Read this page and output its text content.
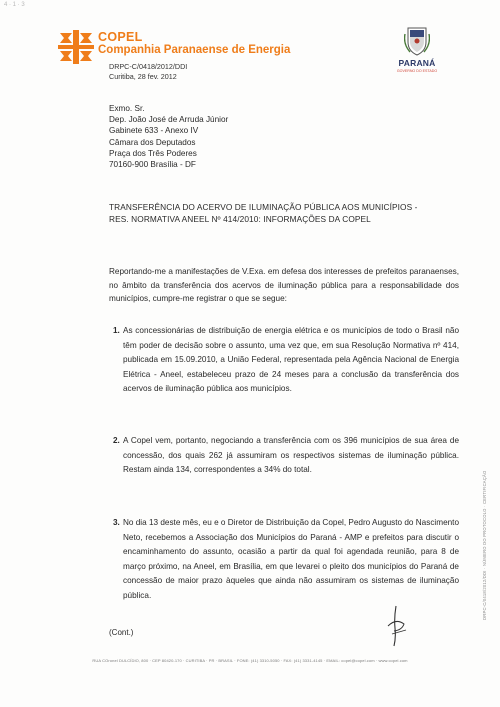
4 · 1 · 3
COPEL
Companhia Paranaense de Energia
DRPC-C/0418/2012/DDI
Curitiba, 28 fev. 2012
PARANÁ
GOVERNO DO ESTADO
Exmo. Sr.
Dep. João José de Arruda Júnior
Gabinete 633 - Anexo IV
Câmara dos Deputados
Praça dos Três Poderes
70160-900 Brasília - DF
TRANSFERÊNCIA DO ACERVO DE ILUMINAÇÃO PÚBLICA AOS MUNICÍPIOS -
RES. NORMATIVA ANEEL Nº 414/2010: INFORMAÇÕES DA COPEL
Reportando-me a manifestações de V.Exa. em defesa dos interesses de prefeitos paranaenses, no âmbito da transferência dos acervos de iluminação pública para a responsabilidade dos municípios, cumpre-me registrar o que se segue:
1. As concessionárias de distribuição de energia elétrica e os municípios de todo o Brasil não têm poder de decisão sobre o assunto, uma vez que, em sua Resolução Normativa nº 414, publicada em 15.09.2010, a União Federal, representada pela Agência Nacional de Energia Elétrica - Aneel, estabeleceu prazo de 24 meses para a conclusão da transferência dos acervos de iluminação pública aos municípios.
2. A Copel vem, portanto, negociando a transferência com os 396 municípios de sua área de concessão, dos quais 262 já assumiram os respectivos sistemas de iluminação pública. Restam ainda 134, correspondentes a 34% do total.
3. No dia 13 deste mês, eu e o Diretor de Distribuição da Copel, Pedro Augusto do Nascimento Neto, recebemos a Associação dos Municípios do Paraná - AMP e prefeitos para discutir o encaminhamento do assunto, ocasião a partir da qual foi agendada reunião, para 8 de março próximo, na Aneel, em Brasília, em que levarei o pleito dos municípios do Paraná de concessão de maior prazo àqueles que ainda não assumiram os sistemas de iluminação pública.
(Cont.)
RUA COronel DULCÍDIO, 800 · CEP 80420-170 · CURITIBA · PR · BRASIL · FONE: (41) 3310-5050 · FAX: (41) 3331-4145 · EMAIL: copel@copel.com · www.copel.com
DRPC-C/0418/2012/DDI · NÚMERO DO PROTOCOLO · CERTIFICAÇÃO
